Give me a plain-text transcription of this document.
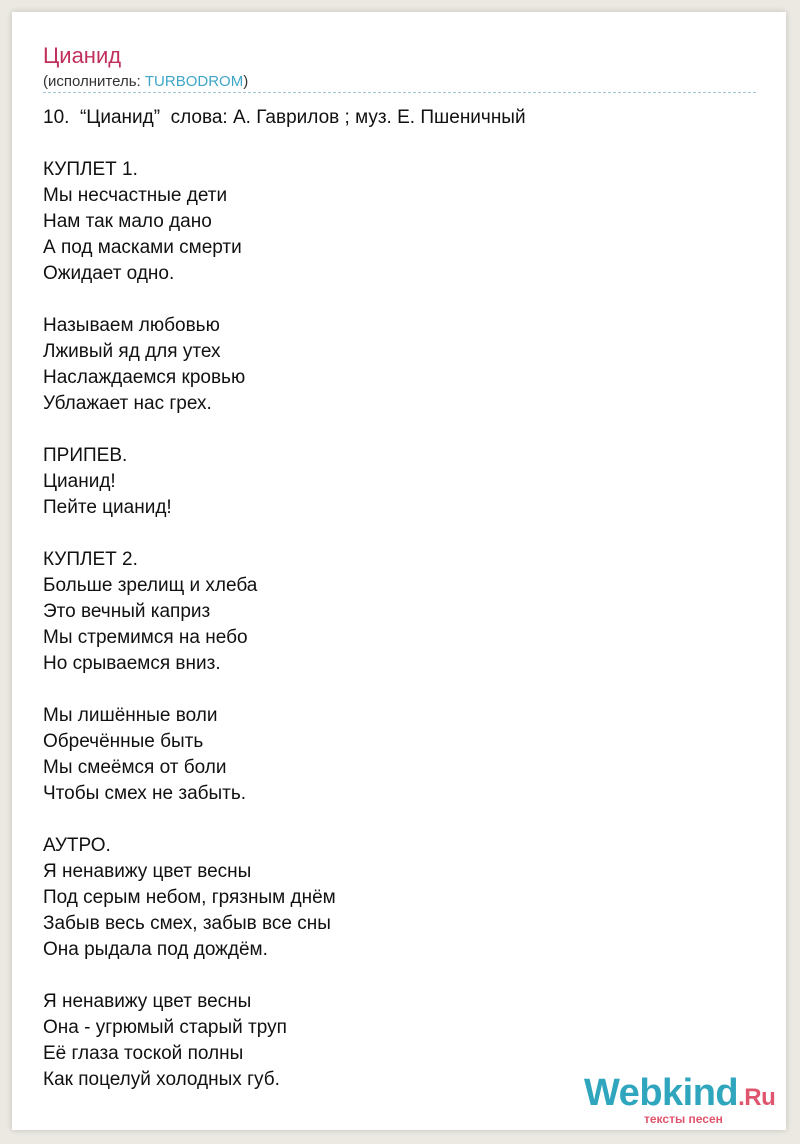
Цианид
(исполнитель: TURBODROM)
10.  “Цианид”  слова: А. Гаврилов ; муз. Е. Пшеничный
КУПЛЕТ 1.
Мы несчастные дети
Нам так мало дано
А под масками смерти
Ожидает одно.
Называем любовью
Лживый яд для утех
Наслаждаемся кровью
Ублажает нас грех.
ПРИПЕВ.
Цианид!
Пейте цианид!
КУПЛЕТ 2.
Больше зрелищ и хлеба
Это вечный каприз
Мы стремимся на небо
Но срываемся вниз.
Мы лишённые воли
Обречённые быть
Мы смеёмся от боли
Чтобы смех не забыть.
АУТРО.
Я ненавижу цвет весны
Под серым небом, грязным днём
Забыв весь смех, забыв все сны
Она рыдала под дождём.
Я ненавижу цвет весны
Она - угрюмый старый труп
Её глаза тоской полны
Как поцелуй холодных губ.	Webkind.Ru
тексты песен
